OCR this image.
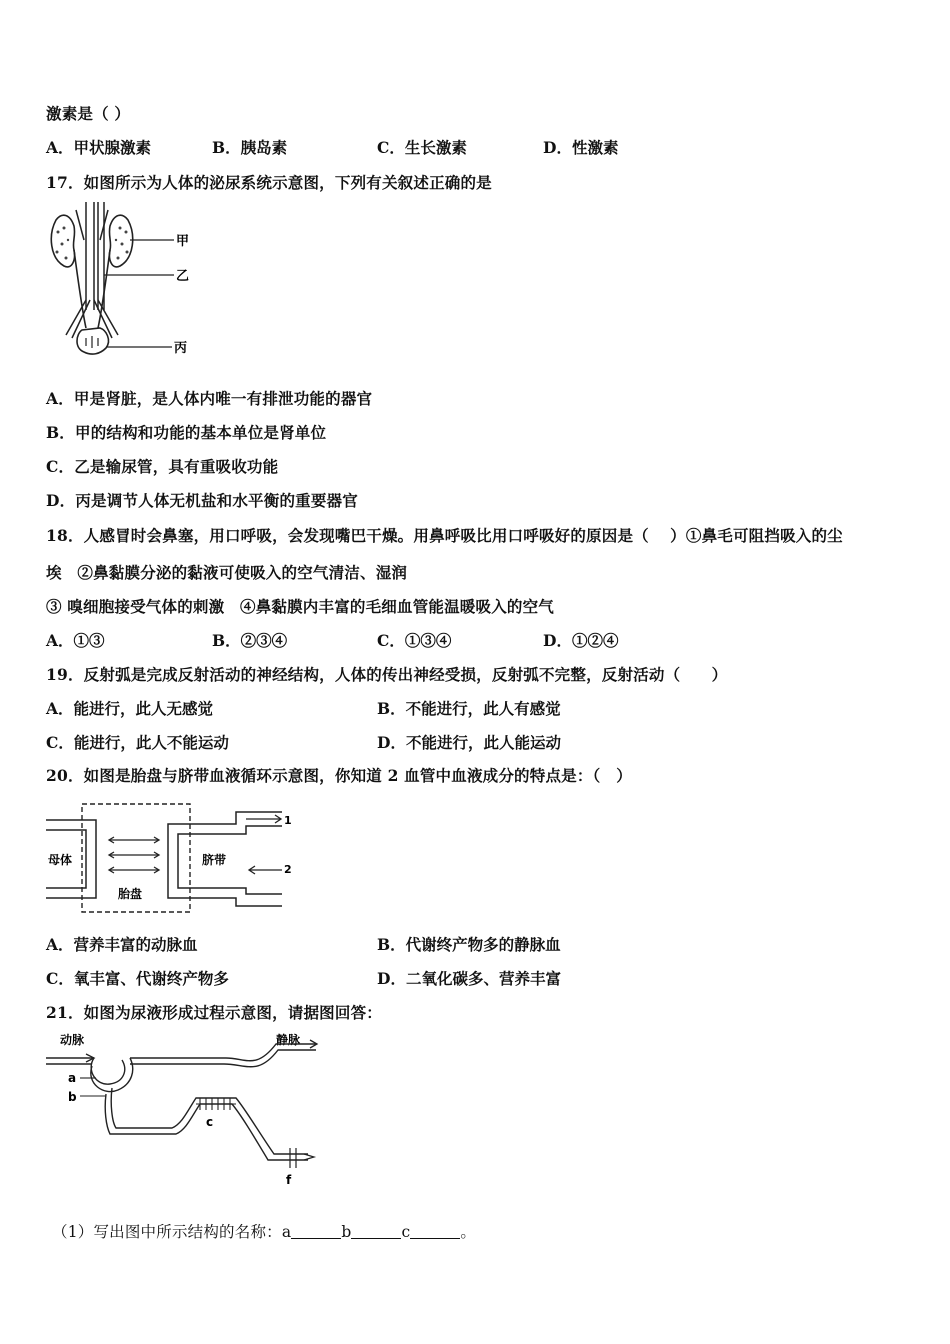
激素是（ ）
A．甲状腺激素	B．胰岛素	C．生长激素	D．性激素
17．如图所示为人体的泌尿系统示意图，下列有关叙述正确的是
甲
乙
丙
A．甲是肾脏，是人体内唯一有排泄功能的器官
B．甲的结构和功能的基本单位是肾单位
C．乙是输尿管，具有重吸收功能
D．丙是调节人体无机盐和水平衡的重要器官
18．人感冒时会鼻塞，用口呼吸，会发现嘴巴干燥。用鼻呼吸比用口呼吸好的原因是（　 ）①鼻毛可阻挡吸入的尘
埃　②鼻黏膜分泌的黏液可使吸入的空气清洁、湿润
③ 嗅细胞接受气体的刺激　④鼻黏膜内丰富的毛细血管能温暖吸入的空气
A．①③	B．②③④	C．①③④	D．①②④
19．反射弧是完成反射活动的神经结构，人体的传出神经受损，反射弧不完整，反射活动（　　）
A．能进行，此人无感觉	B．不能进行，此人有感觉
C．能进行，此人不能运动	D．不能进行，此人能运动
20．如图是胎盘与脐带血液循环示意图，你知道 2 血管中血液成分的特点是：（　）
母体
胎盘
脐带
1
2
A．营养丰富的动脉血	B．代谢终产物多的静脉血
C．氧丰富、代谢终产物多	D．二氧化碳多、营养丰富
21．如图为尿液形成过程示意图，请据图回答：
动脉	静脉
a
b
c
f
（1）写出图中所示结构的名称：a	b	c	。
